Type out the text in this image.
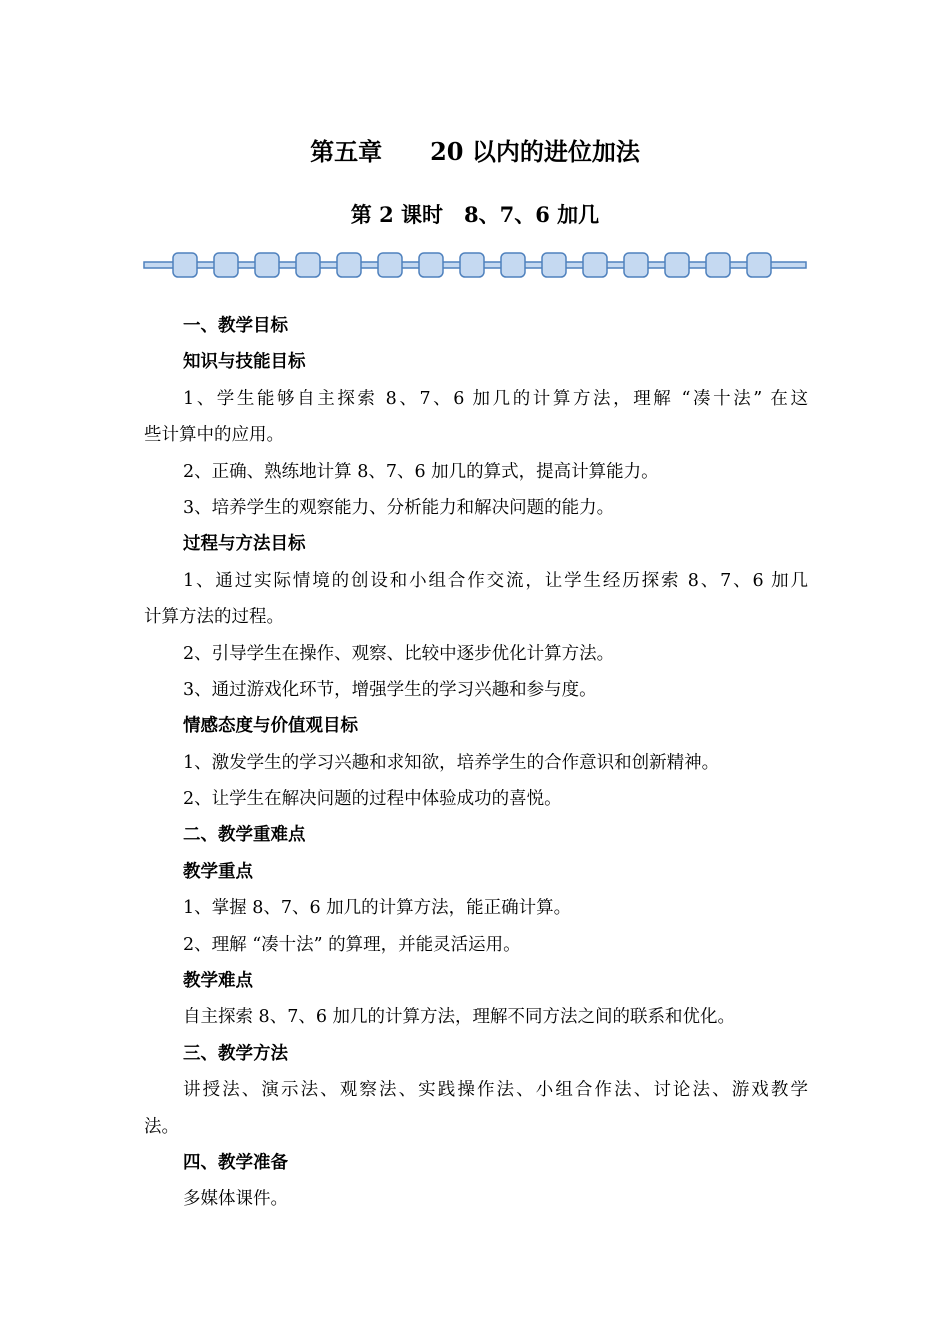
第五章　　20 以内的进位加法
第 2 课时　8、7、6 加几
一、教学目标
知识与技能目标
1、学生能够自主探索 8、7、6 加几的计算方法，理解 “凑十法” 在这
些计算中的应用。
2、正确、熟练地计算 8、7、6 加几的算式，提高计算能力。
3、培养学生的观察能力、分析能力和解决问题的能力。
过程与方法目标
1、通过实际情境的创设和小组合作交流，让学生经历探索 8、7、6 加几
计算方法的过程。
2、引导学生在操作、观察、比较中逐步优化计算方法。
3、通过游戏化环节，增强学生的学习兴趣和参与度。
情感态度与价值观目标
1、激发学生的学习兴趣和求知欲，培养学生的合作意识和创新精神。
2、让学生在解决问题的过程中体验成功的喜悦。
二、教学重难点
教学重点
1、掌握 8、7、6 加几的计算方法，能正确计算。
2、理解 “凑十法” 的算理，并能灵活运用。
教学难点
自主探索 8、7、6 加几的计算方法，理解不同方法之间的联系和优化。
三、教学方法
讲授法、演示法、观察法、实践操作法、小组合作法、讨论法、游戏教学
法。
四、教学准备
多媒体课件。
